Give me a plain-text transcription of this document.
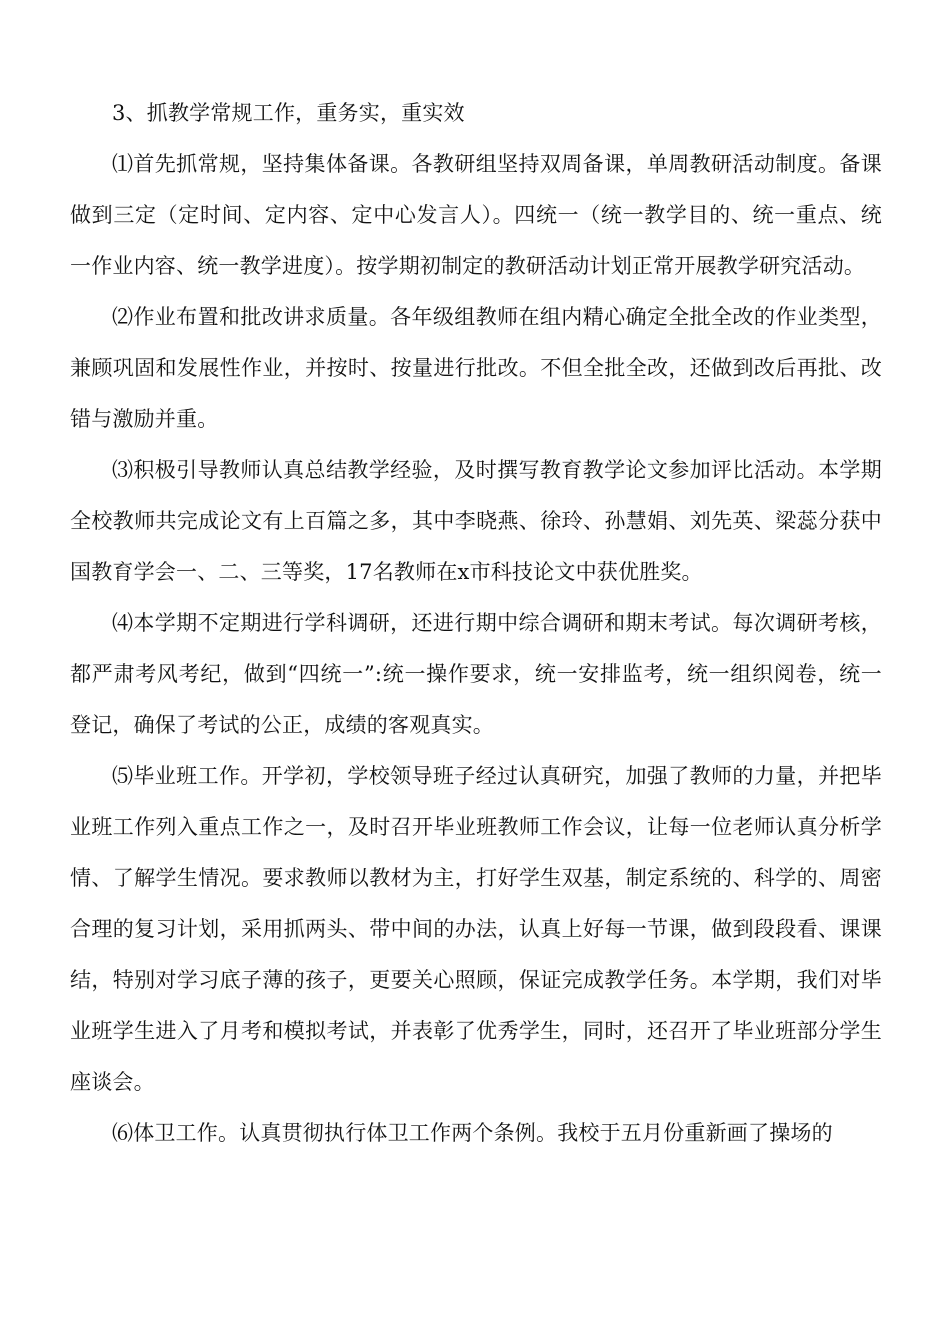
3、抓教学常规工作，重务实，重实效

⑴首先抓常规，坚持集体备课。各教研组坚持双周备课，单周教研活动制度。备课做到三定（定时间、定内容、定中心发言人）。四统一（统一教学目的、统一重点、统一作业内容、统一教学进度）。按学期初制定的教研活动计划正常开展教学研究活动。

⑵作业布置和批改讲求质量。各年级组教师在组内精心确定全批全改的作业类型，兼顾巩固和发展性作业，并按时、按量进行批改。不但全批全改，还做到改后再批、改错与激励并重。

⑶积极引导教师认真总结教学经验，及时撰写教育教学论文参加评比活动。本学期全校教师共完成论文有上百篇之多，其中李晓燕、徐玲、孙慧娟、刘先英、梁蕊分获中国教育学会一、二、三等奖，17名教师在x市科技论文中获优胜奖。

⑷本学期不定期进行学科调研，还进行期中综合调研和期末考试。每次调研考核，都严肃考风考纪，做到“四统一”:统一操作要求，统一安排监考，统一组织阅卷，统一登记，确保了考试的公正，成绩的客观真实。

⑸毕业班工作。开学初，学校领导班子经过认真研究，加强了教师的力量，并把毕业班工作列入重点工作之一，及时召开毕业班教师工作会议，让每一位老师认真分析学情、了解学生情况。要求教师以教材为主，打好学生双基，制定系统的、科学的、周密合理的复习计划，采用抓两头、带中间的办法，认真上好每一节课，做到段段看、课课结，特别对学习底子薄的孩子，更要关心照顾，保证完成教学任务。本学期，我们对毕业班学生进入了月考和模拟考试，并表彰了优秀学生，同时，还召开了毕业班部分学生座谈会。

⑹体卫工作。认真贯彻执行体卫工作两个条例。我校于五月份重新画了操场的
